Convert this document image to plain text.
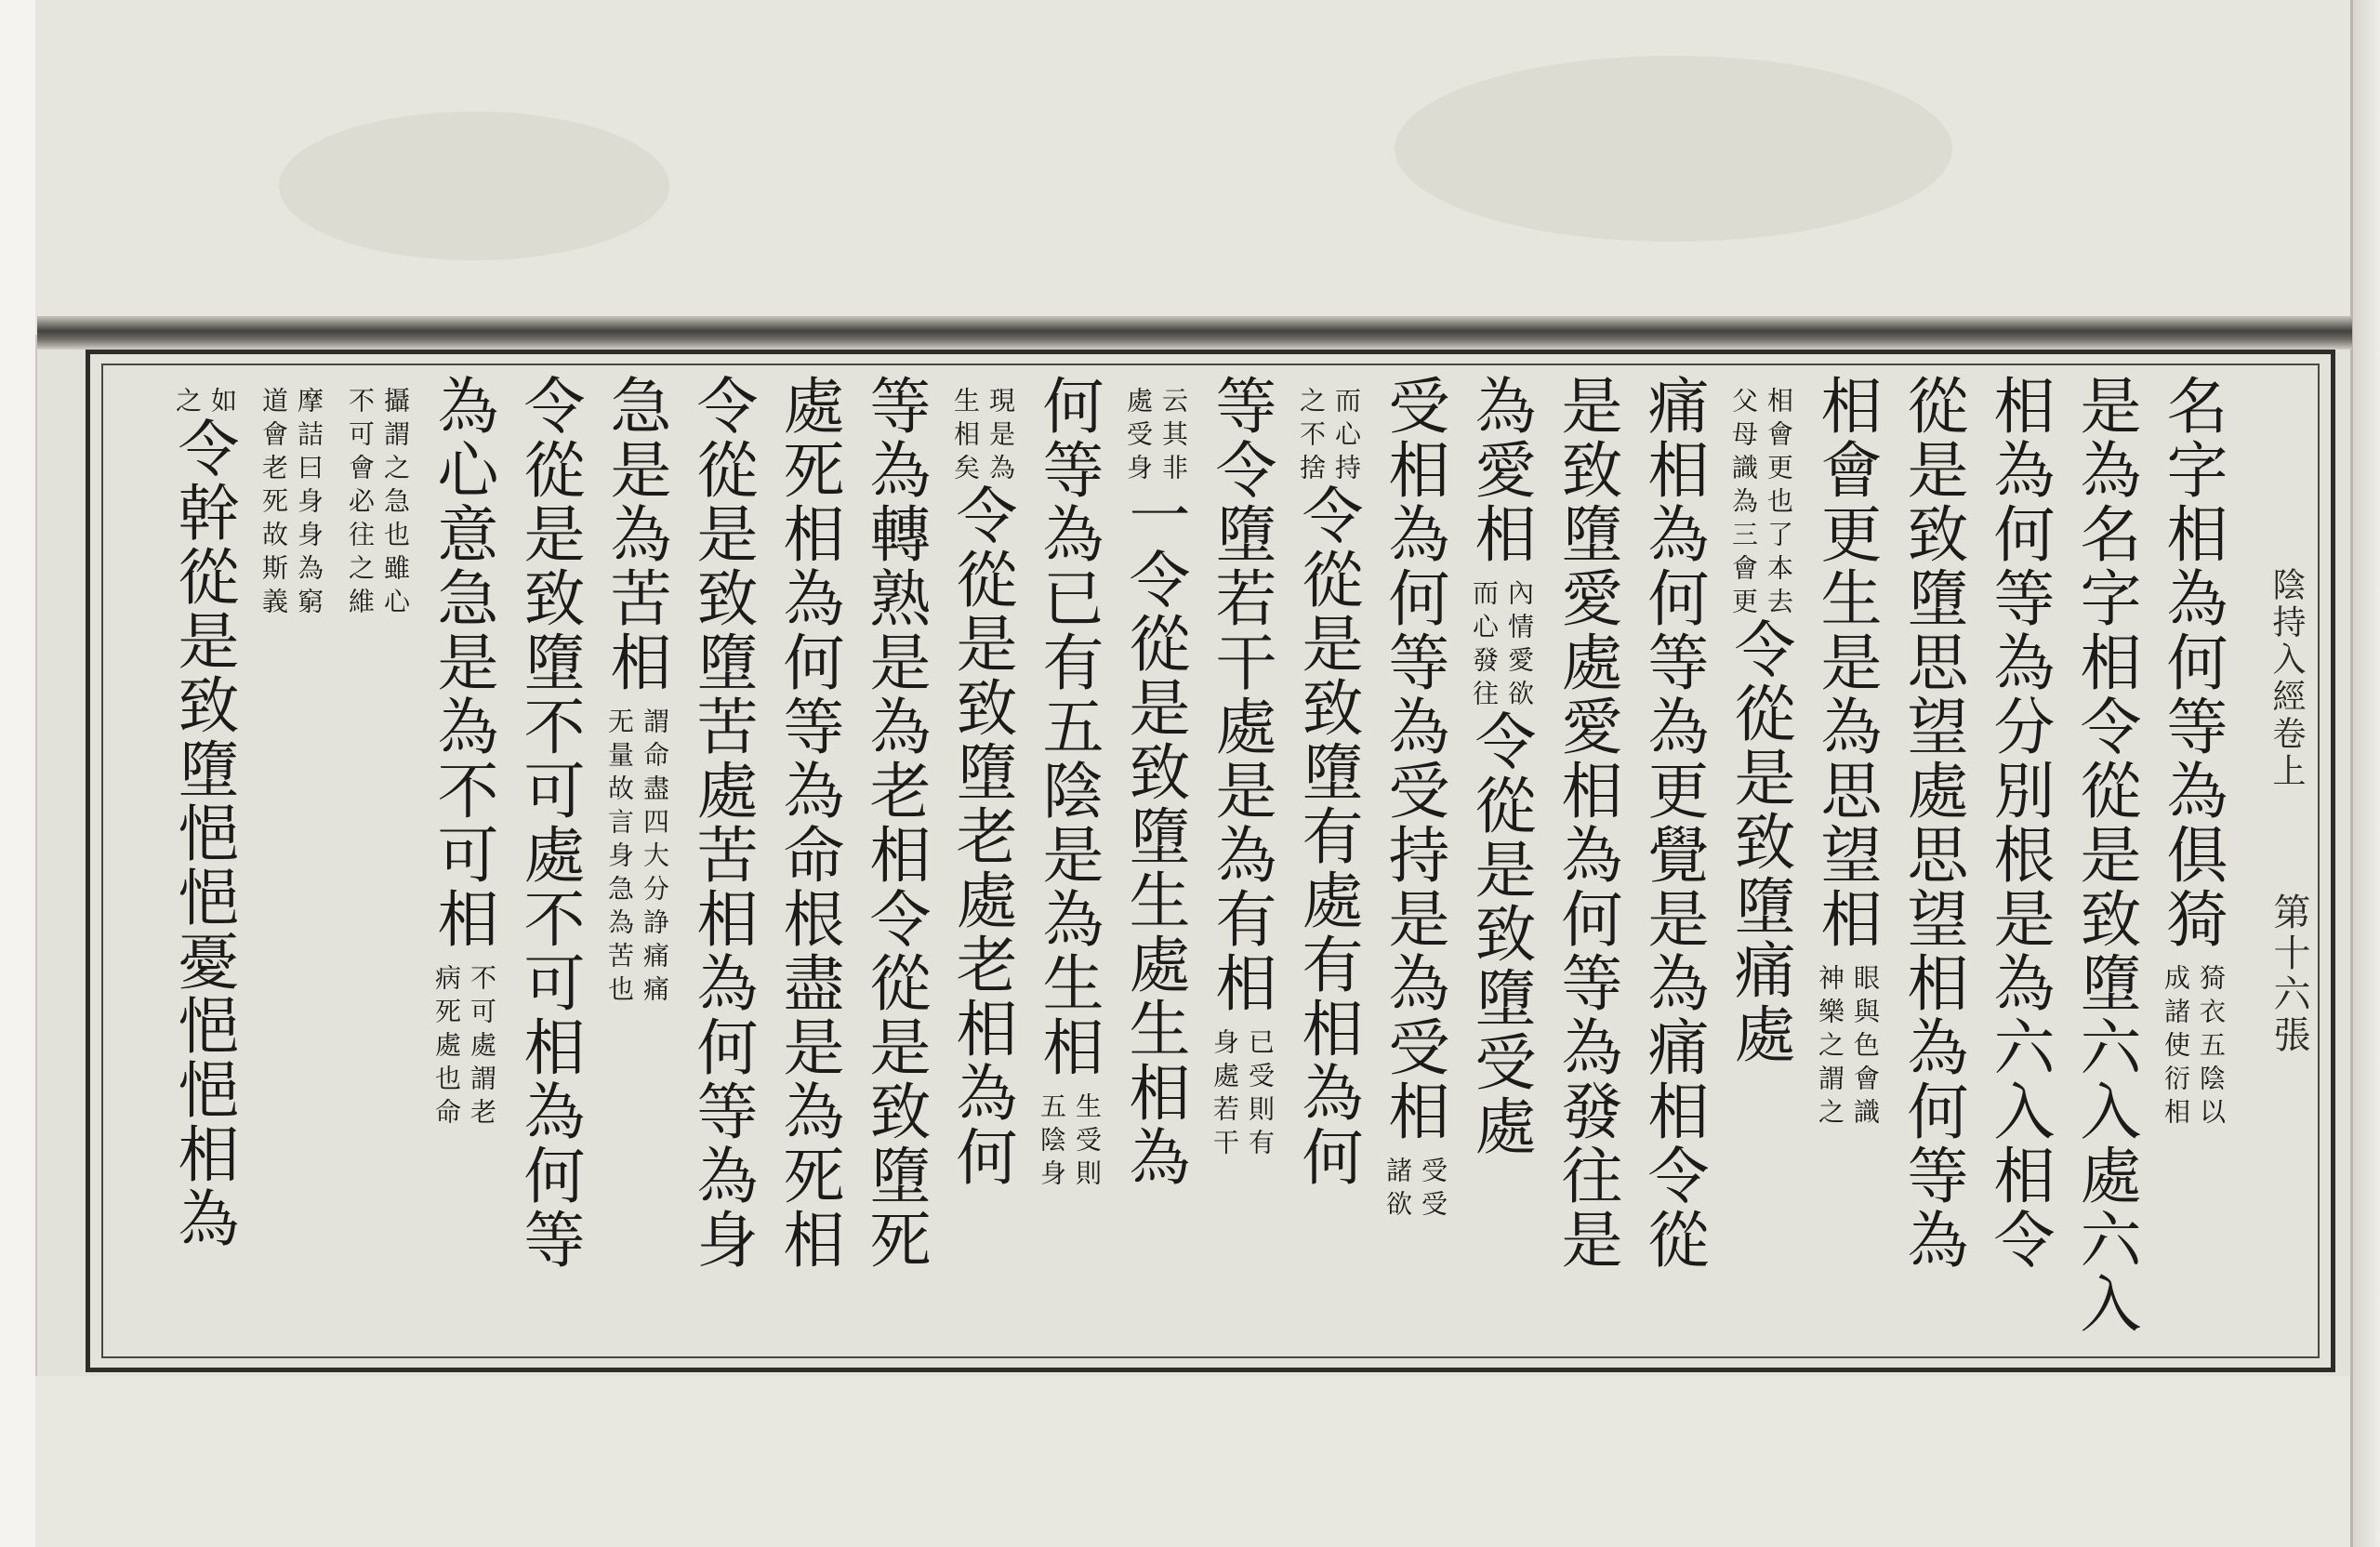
陰持入經卷上
第十六張
名字相為何等為俱猗
猗衣五陰以
成諸使衍相
是為名字相令從是致墮六入處六入
相為何等為分別根是為六入相令
從是致墮思望處思望相為何等為
相會更生是為思望相
眼與色會識
神樂之謂之
相會更也了本去
父母識為三會更
令從是致墮痛處
痛相為何等為更覺是為痛相令從
是致墮愛處愛相為何等為發往是
為愛相
內情愛欲
而心發往
令從是致墮受處
受相為何等為受持是為受相
受受
諸欲
而心持
之不捨
令從是致墮有處有相為何
等令墮若干處是為有相
已受則有
身處若干
云其非
處受身
一令從是致墮生處生相為
何等為已有五陰是為生相
生受則
五陰身
現是為
生相矣
令從是致墮老處老相為何
等為轉熟是為老相令從是致墮死
處死相為何等為命根盡是為死相
令從是致墮苦處苦相為何等為身
急是為苦相
謂命盡四大分諍痛痛
无量故言身急為苦也
令從是致墮不可處不可相為何等
為心意急是為不可相
不可處謂老
病死處也命
攝謂之急也雖心
不可會必往之維
摩詰曰身身為窮
道會老死故斯義
如
之
令幹從是致墮悒悒憂悒悒相為
